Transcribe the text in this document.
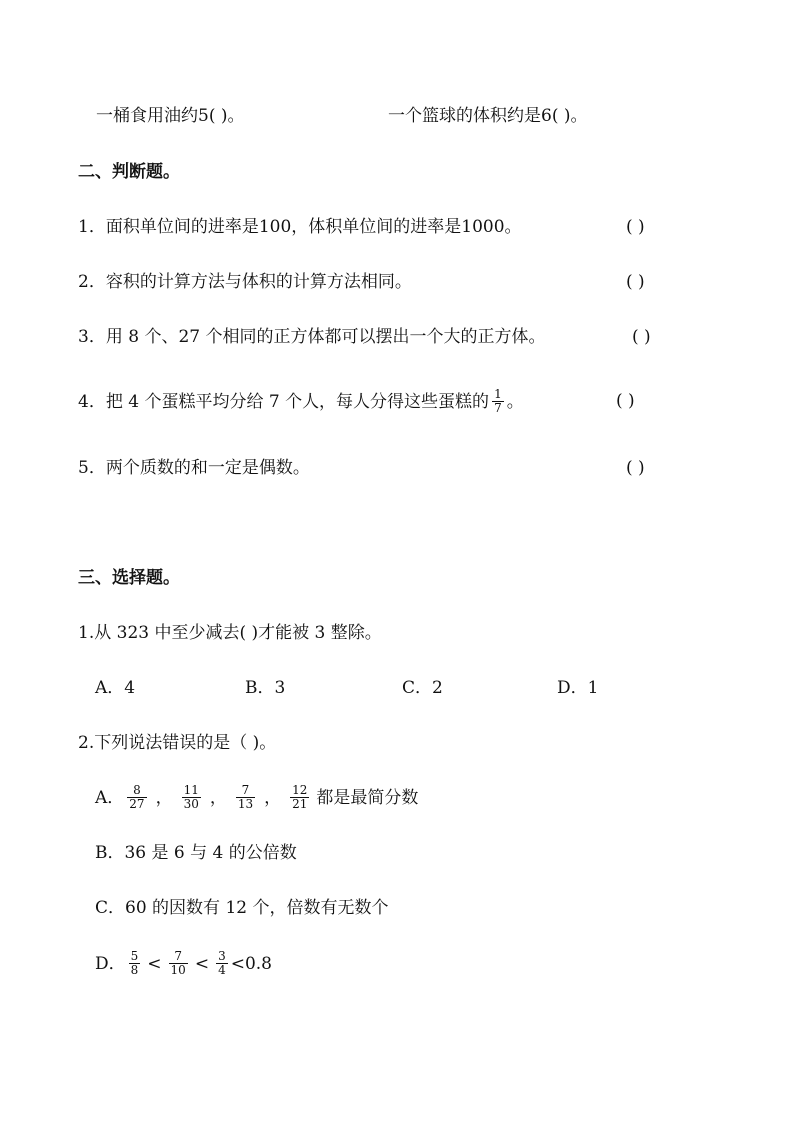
一桶食用油约5( )。	一个篮球的体积约是6( )。
二、判断题。
1．面积单位间的进率是100，体积单位间的进率是1000。	( )
2．容积的计算方法与体积的计算方法相同。	( )
3．用 8 个、27 个相同的正方体都可以摆出一个大的正方体。	( )
4．把 4 个蛋糕平均分给 7 个人，每人分得这些蛋糕的 $\frac{1}{7}$ 。	( )
5．两个质数的和一定是偶数。	( )
三、选择题。
1.从 323 中至少减去( )才能被 3 整除。
A．4	B．3	C．2	D．1
2.下列说法错误的是（ )。
A． $\frac{8}{27}$ ， $\frac{11}{30}$ ， $\frac{7}{13}$ ， $\frac{12}{21}$ 都是最简分数
B．36 是 6 与 4 的公倍数
C．60 的因数有 12 个，倍数有无数个
D． $\frac{5}{8} < \frac{7}{10} < \frac{3}{4} <0.8$
